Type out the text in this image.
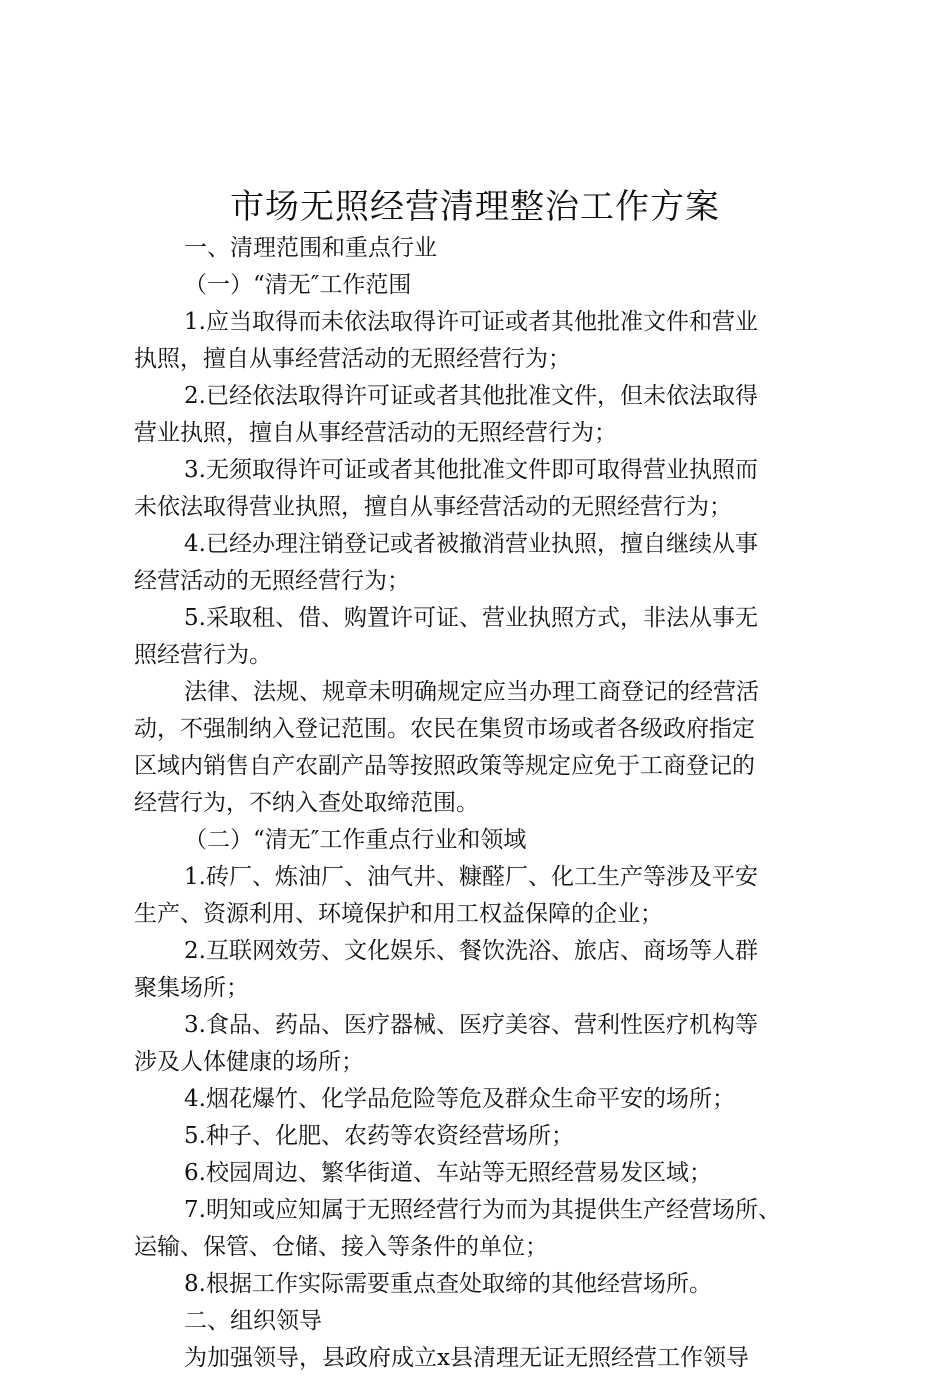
市场无照经营清理整治工作方案
一、清理范围和重点行业
（一）“清无″工作范围
1.应当取得而未依法取得许可证或者其他批准文件和营业
执照，擅自从事经营活动的无照经营行为；
2.已经依法取得许可证或者其他批准文件，但未依法取得
营业执照，擅自从事经营活动的无照经营行为；
3.无须取得许可证或者其他批准文件即可取得营业执照而
未依法取得营业执照，擅自从事经营活动的无照经营行为；
4.已经办理注销登记或者被撤消营业执照，擅自继续从事
经营活动的无照经营行为；
5.采取租、借、购置许可证、营业执照方式，非法从事无
照经营行为。
法律、法规、规章未明确规定应当办理工商登记的经营活
动，不强制纳入登记范围。农民在集贸市场或者各级政府指定
区域内销售自产农副产品等按照政策等规定应免于工商登记的
经营行为，不纳入查处取缔范围。
（二）“清无″工作重点行业和领域
1.砖厂、炼油厂、油气井、糠醛厂、化工生产等涉及平安
生产、资源利用、环境保护和用工权益保障的企业；
2.互联网效劳、文化娱乐、餐饮洗浴、旅店、商场等人群
聚集场所；
3.食品、药品、医疗器械、医疗美容、营利性医疗机构等
涉及人体健康的场所；
4.烟花爆竹、化学品危险等危及群众生命平安的场所；
5.种子、化肥、农药等农资经营场所；
6.校园周边、繁华街道、车站等无照经营易发区域；
7.明知或应知属于无照经营行为而为其提供生产经营场所、
运输、保管、仓储、接入等条件的单位；
8.根据工作实际需要重点查处取缔的其他经营场所。
二、组织领导
为加强领导，县政府成立x县清理无证无照经营工作领导
